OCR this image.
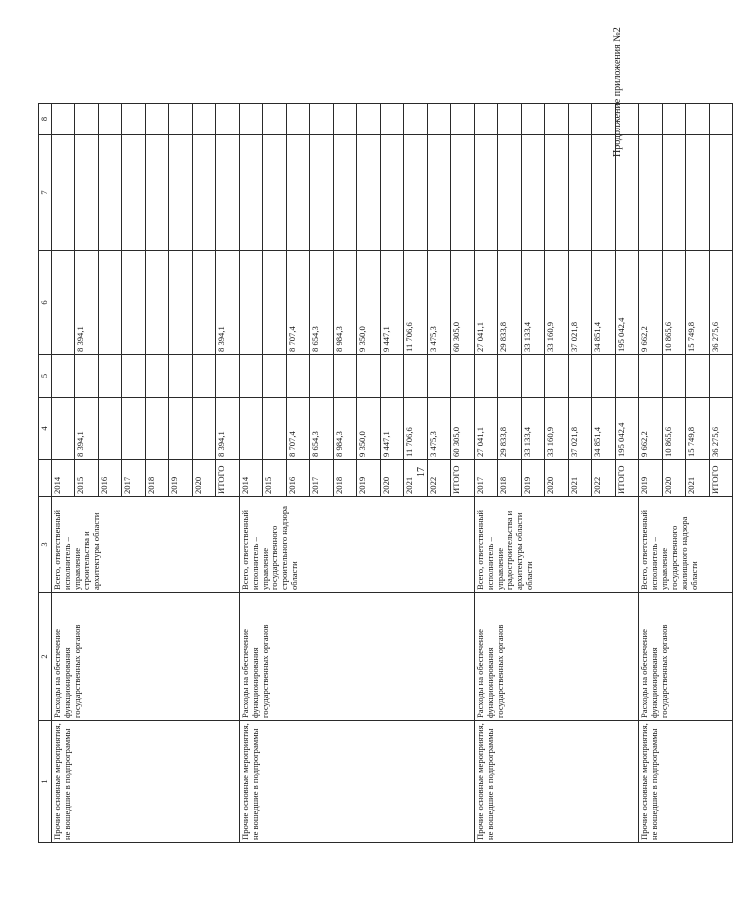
17
Продолжение приложения №2
1	2	3		4	5	6	7	8
Прочие основные мероприятия, не вошедшие в подпрограммы	Расходы на обеспечение функционирования государственных органов	Всего, ответственный исполнитель – управление строительства и архитектуры области	2014					
			2015	8 394,1		8 394,1		
			2016					
			2017					
			2018					
			2019					
			2020					
			ИТОГО	8 394,1		8 394,1		
Прочие основные мероприятия, не вошедшие в подпрограммы	Расходы на обеспечение функционирования государственных органов	Всего, ответственный исполнитель – управление государственного строительного надзора области	2014					
			2015					
			2016	8 707,4		8 707,4		
			2017	8 654,3		8 654,3		
			2018	8 984,3		8 984,3		
			2019	9 350,0		9 350,0		
			2020	9 447,1		9 447,1		
			2021	11 706,6		11 706,6		
			2022	3 475,3		3 475,3		
			ИТОГО	60 305,0		60 305,0		
Прочие основные мероприятия, не вошедшие в подпрограммы	Расходы на обеспечение функционирования государственных органов	Всего, ответственный исполнитель – управление градостроительства и архитектуры области области	2017	27 041,1		27 041,1		
			2018	29 833,8		29 833,8		
			2019	33 133,4		33 133,4		
			2020	33 160,9		33 160,9		
			2021	37 021,8		37 021,8		
			2022	34 851,4		34 851,4		
			ИТОГО	195 042,4		195 042,4		
Прочие основные мероприятия, не вошедшие в подпрограммы	Расходы на обеспечение функционирования государственных органов	Всего, ответственный исполнитель – управление государственного жилищного надзора области	2019	9 662,2		9 662,2		
			2020	10 865,6		10 865,6		
			2021	15 749,8		15 749,8		
			ИТОГО	36 275,6		36 275,6		
